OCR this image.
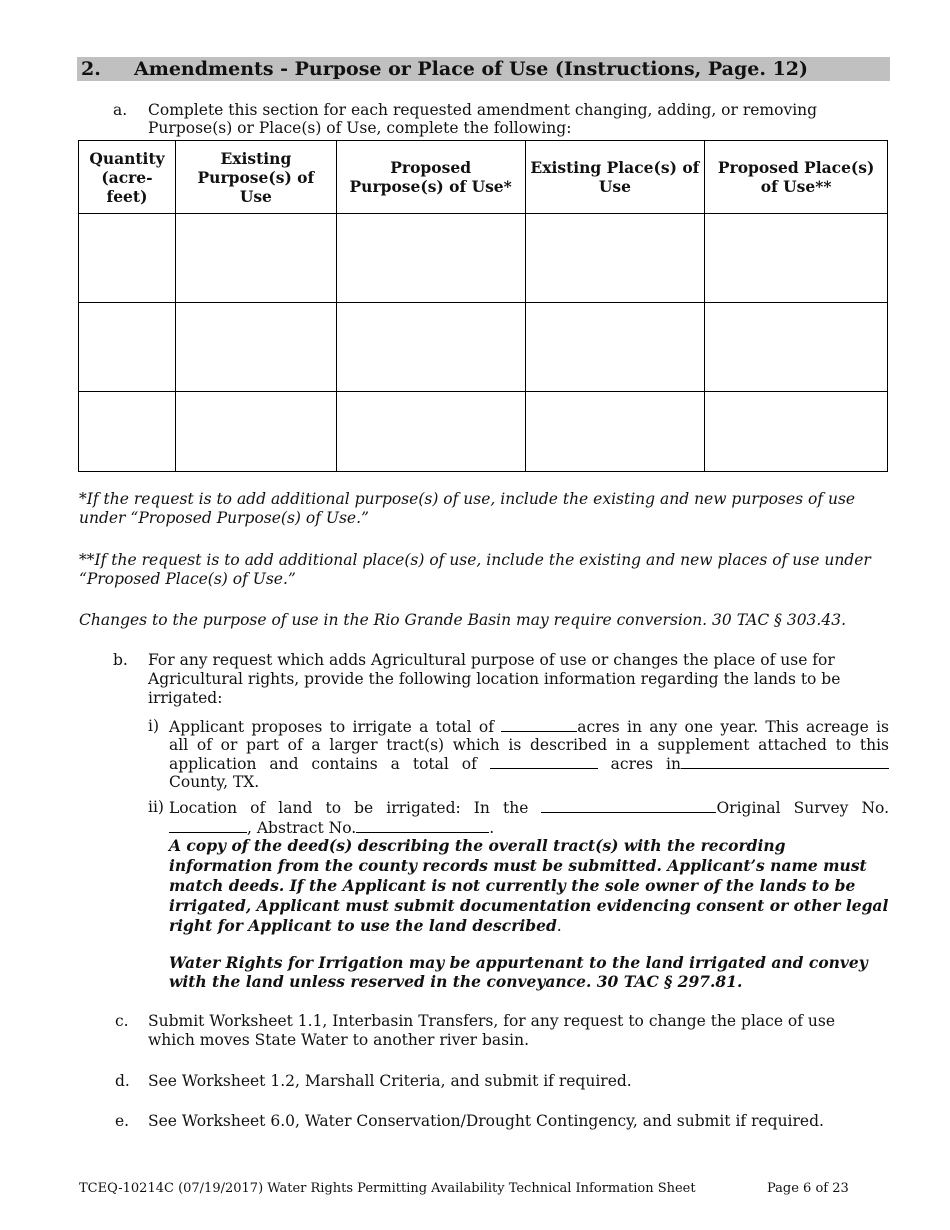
2. Amendments - Purpose or Place of Use (Instructions, Page. 12)
a. Complete this section for each requested amendment changing, adding, or removing Purpose(s) or Place(s) of Use, complete the following:
Quantity (acre-feet)	Existing Purpose(s) of Use	Proposed Purpose(s) of Use*	Existing Place(s) of Use	Proposed Place(s) of Use**

*If the request is to add additional purpose(s) of use, include the existing and new purposes of use under “Proposed Purpose(s) of Use.”
**If the request is to add additional place(s) of use, include the existing and new places of use under “Proposed Place(s) of Use.”
Changes to the purpose of use in the Rio Grande Basin may require conversion. 30 TAC § 303.43.
b. For any request which adds Agricultural purpose of use or changes the place of use for Agricultural rights, provide the following location information regarding the lands to be irrigated:
i) Applicant proposes to irrigate a total of	acres in any one year. This acreage is
all of or part of a larger tract(s) which is described in a supplement attached to this
application and contains a total of	acres in
County, TX.
ii) Location of land to be irrigated: In the	Original Survey No.
, Abstract No.	.
A copy of the deed(s) describing the overall tract(s) with the recording information from the county records must be submitted. Applicant’s name must match deeds. If the Applicant is not currently the sole owner of the lands to be irrigated, Applicant must submit documentation evidencing consent or other legal right for Applicant to use the land described.
Water Rights for Irrigation may be appurtenant to the land irrigated and convey with the land unless reserved in the conveyance. 30 TAC § 297.81.
c. Submit Worksheet 1.1, Interbasin Transfers, for any request to change the place of use which moves State Water to another river basin.
d. See Worksheet 1.2, Marshall Criteria, and submit if required.
e. See Worksheet 6.0, Water Conservation/Drought Contingency, and submit if required.
TCEQ-10214C (07/19/2017) Water Rights Permitting Availability Technical Information Sheet	Page 6 of 23
